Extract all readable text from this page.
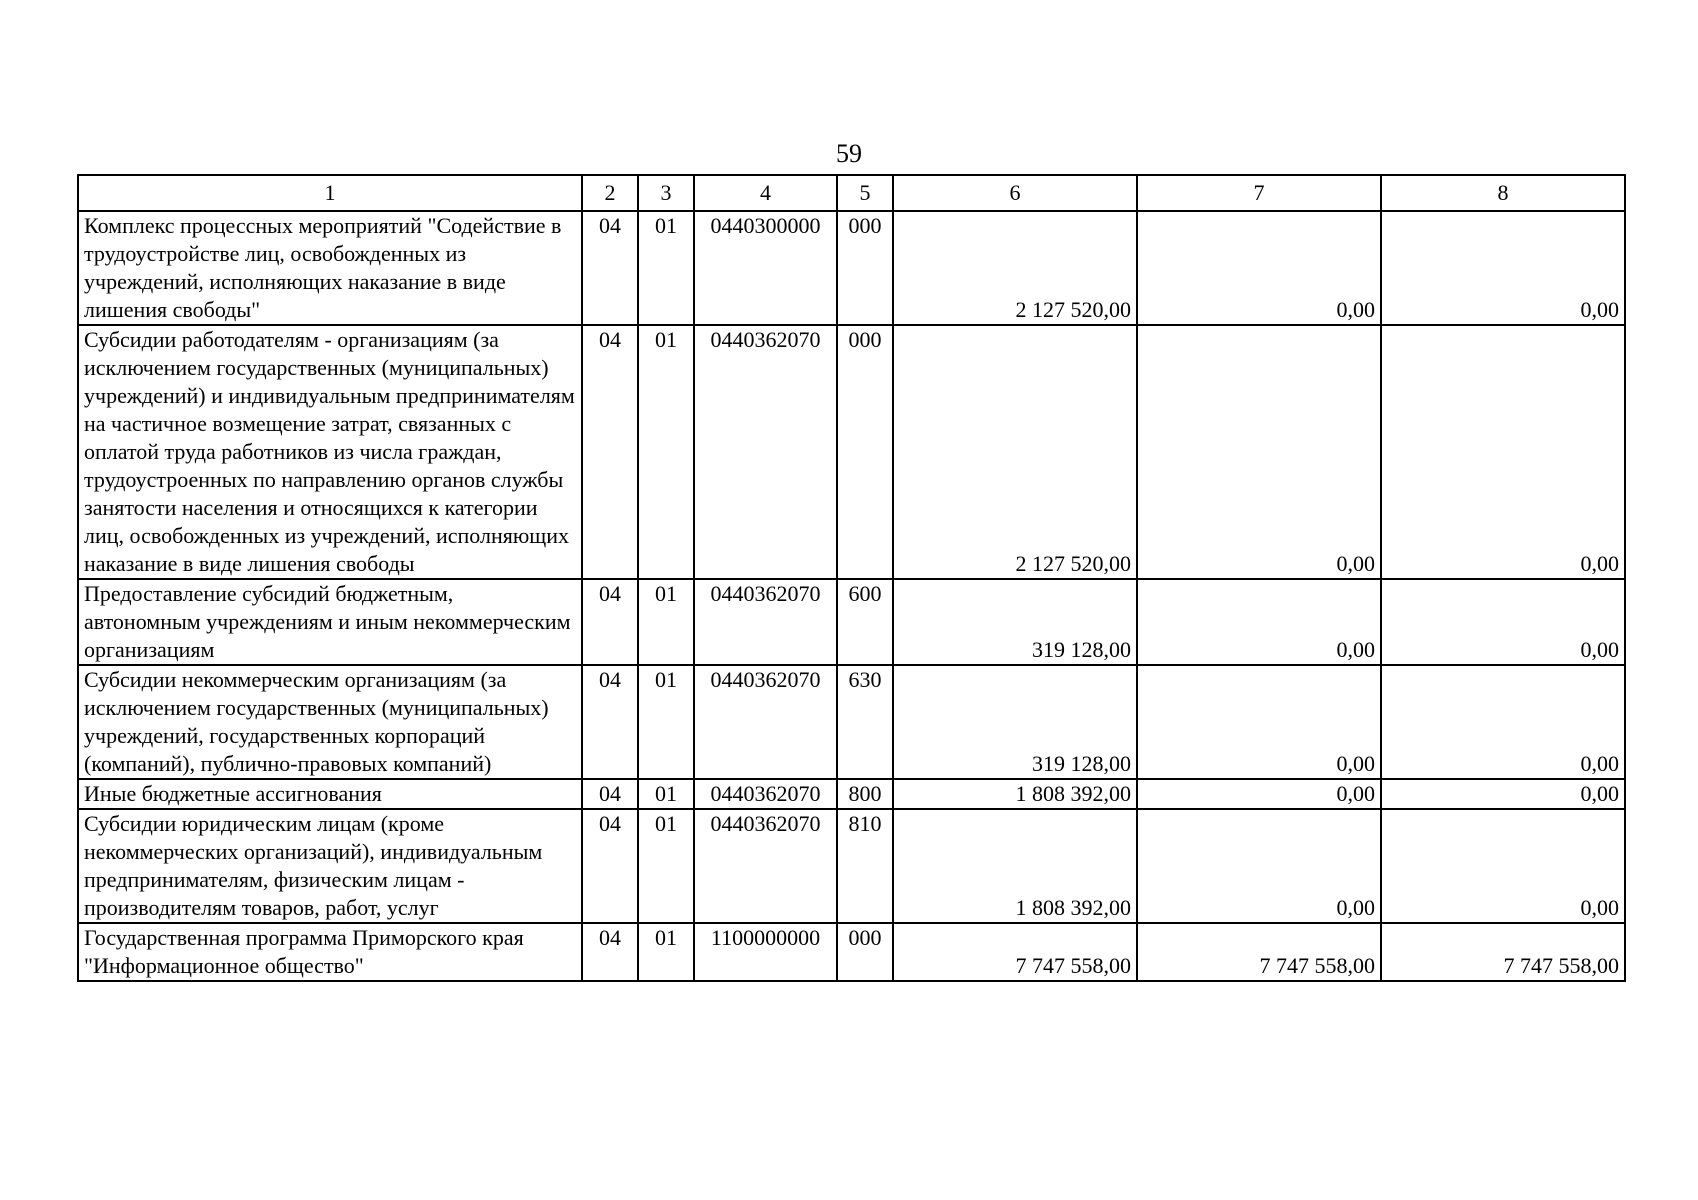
59
1	2	3	4	5	6	7	8
Комплекс процессных мероприятий "Содействие в трудоустройстве лиц, освобожденных из учреждений, исполняющих наказание в виде лишения свободы"	04	01	0440300000	000	2 127 520,00	0,00	0,00
Субсидии работодателям - организациям (за исключением государственных (муниципальных) учреждений) и индивидуальным предпринимателям на частичное возмещение затрат, связанных с оплатой труда работников из числа граждан, трудоустроенных по направлению органов службы занятости населения и относящихся к категории лиц, освобожденных из учреждений, исполняющих наказание в виде лишения свободы	04	01	0440362070	000	2 127 520,00	0,00	0,00
Предоставление субсидий бюджетным, автономным учреждениям и иным некоммерческим организациям	04	01	0440362070	600	319 128,00	0,00	0,00
Субсидии некоммерческим организациям (за исключением государственных (муниципальных) учреждений, государственных корпораций (компаний), публично-правовых компаний)	04	01	0440362070	630	319 128,00	0,00	0,00
Иные бюджетные ассигнования	04	01	0440362070	800	1 808 392,00	0,00	0,00
Субсидии юридическим лицам (кроме некоммерческих организаций), индивидуальным предпринимателям, физическим лицам - производителям товаров, работ, услуг	04	01	0440362070	810	1 808 392,00	0,00	0,00
Государственная программа Приморского края "Информационное общество"	04	01	1100000000	000	7 747 558,00	7 747 558,00	7 747 558,00
